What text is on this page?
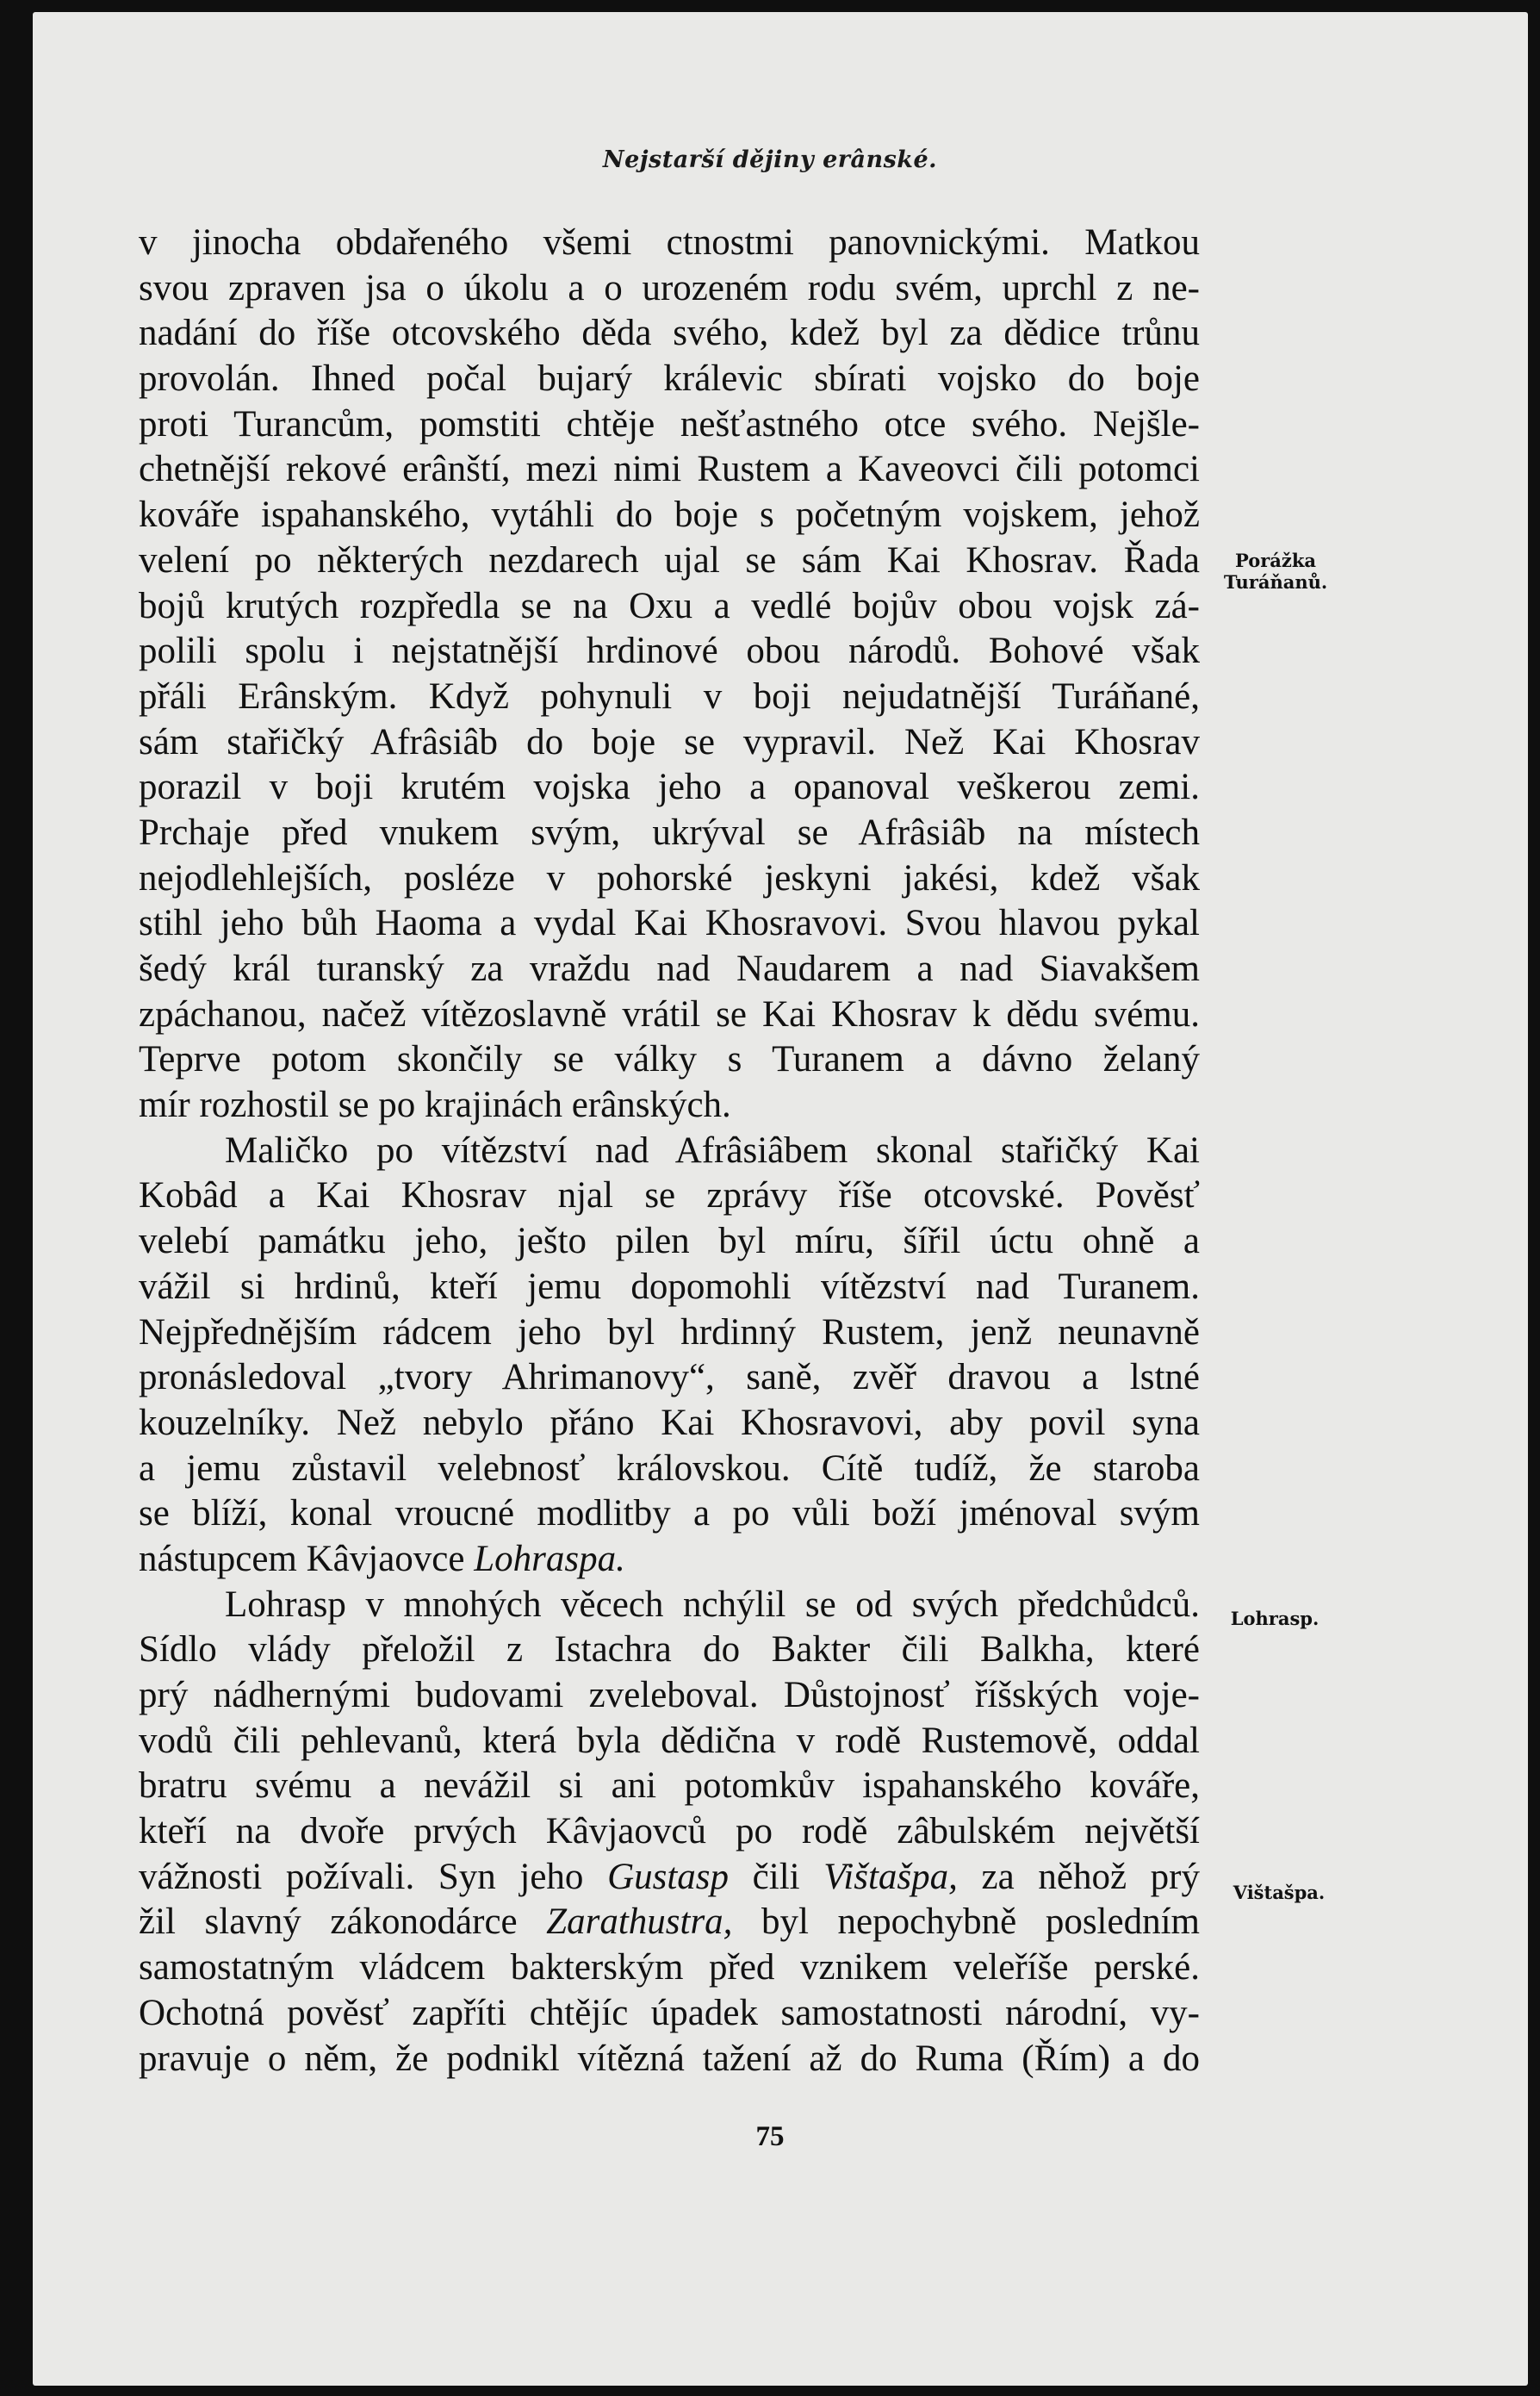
Nejstarší dějiny erânské.
v jinocha obdařeného všemi ctnostmi panovnickými. Matkou
svou zpraven jsa o úkolu a o urozeném rodu svém, uprchl z ne-
nadání do říše otcovského děda svého, kdež byl za dědice trůnu
provolán. Ihned počal bujarý králevic sbírati vojsko do boje
proti Turancům, pomstiti chtěje nešťastného otce svého. Nejšle-
chetnější rekové erânští, mezi nimi Rustem a Kaveovci čili potomci
kováře ispahanského, vytáhli do boje s početným vojskem, jehož
velení po některých nezdarech ujal se sám Kai Khosrav. Řada
bojů krutých rozpředla se na Oxu a vedlé bojův obou vojsk zá-
polili spolu i nejstatnější hrdinové obou národů. Bohové však
přáli Erânským. Když pohynuli v boji nejudatnější Turáňané,
sám stařičký Afrâsiâb do boje se vypravil. Než Kai Khosrav
porazil v boji krutém vojska jeho a opanoval veškerou zemi.
Prchaje před vnukem svým, ukrýval se Afrâsiâb na místech
nejodlehlejších, posléze v pohorské jeskyni jakési, kdež však
stihl jeho bůh Haoma a vydal Kai Khosravovi. Svou hlavou pykal
šedý král turanský za vraždu nad Naudarem a nad Siavakšem
zpáchanou, načež vítězoslavně vrátil se Kai Khosrav k dědu svému.
Teprve potom skončily se války s Turanem a dávno želaný
mír rozhostil se po krajinách erânských.
Maličko po vítězství nad Afrâsiâbem skonal stařičký Kai
Kobâd a Kai Khosrav njal se zprávy říše otcovské. Pověsť
velebí památku jeho, ješto pilen byl míru, šířil úctu ohně a
vážil si hrdinů, kteří jemu dopomohli vítězství nad Turanem.
Nejpřednějším rádcem jeho byl hrdinný Rustem, jenž neunavně
pronásledoval „tvory Ahrimanovy“, saně, zvěř dravou a lstné
kouzelníky. Než nebylo přáno Kai Khosravovi, aby povil syna
a jemu zůstavil velebnosť královskou. Cítě tudíž, že staroba
se blíží, konal vroucné modlitby a po vůli boží jménoval svým
nástupcem Kâvjaovce Lohraspa.
Lohrasp v mnohých věcech nchýlil se od svých předchůdců.
Sídlo vlády přeložil z Istachra do Bakter čili Balkha, které
prý nádhernými budovami zveleboval. Důstojnosť říšských voje-
vodů čili pehlevanů, která byla dědična v rodě Rustemově, oddal
bratru svému a nevážil si ani potomkův ispahanského kováře,
kteří na dvoře prvých Kâvjaovců po rodě zâbulském největší
vážnosti požívali. Syn jeho Gustasp čili Vištašpa, za něhož prý
žil slavný zákonodárce Zarathustra, byl nepochybně posledním
samostatným vládcem bakterským před vznikem veleříše perské.
Ochotná pověsť zapříti chtějíc úpadek samostatnosti národní, vy-
pravuje o něm, že podnikl vítězná tažení až do Ruma (Řím) a do
Porážka
Turáňanů.
Lohrasp.
Vištašpa.
75
